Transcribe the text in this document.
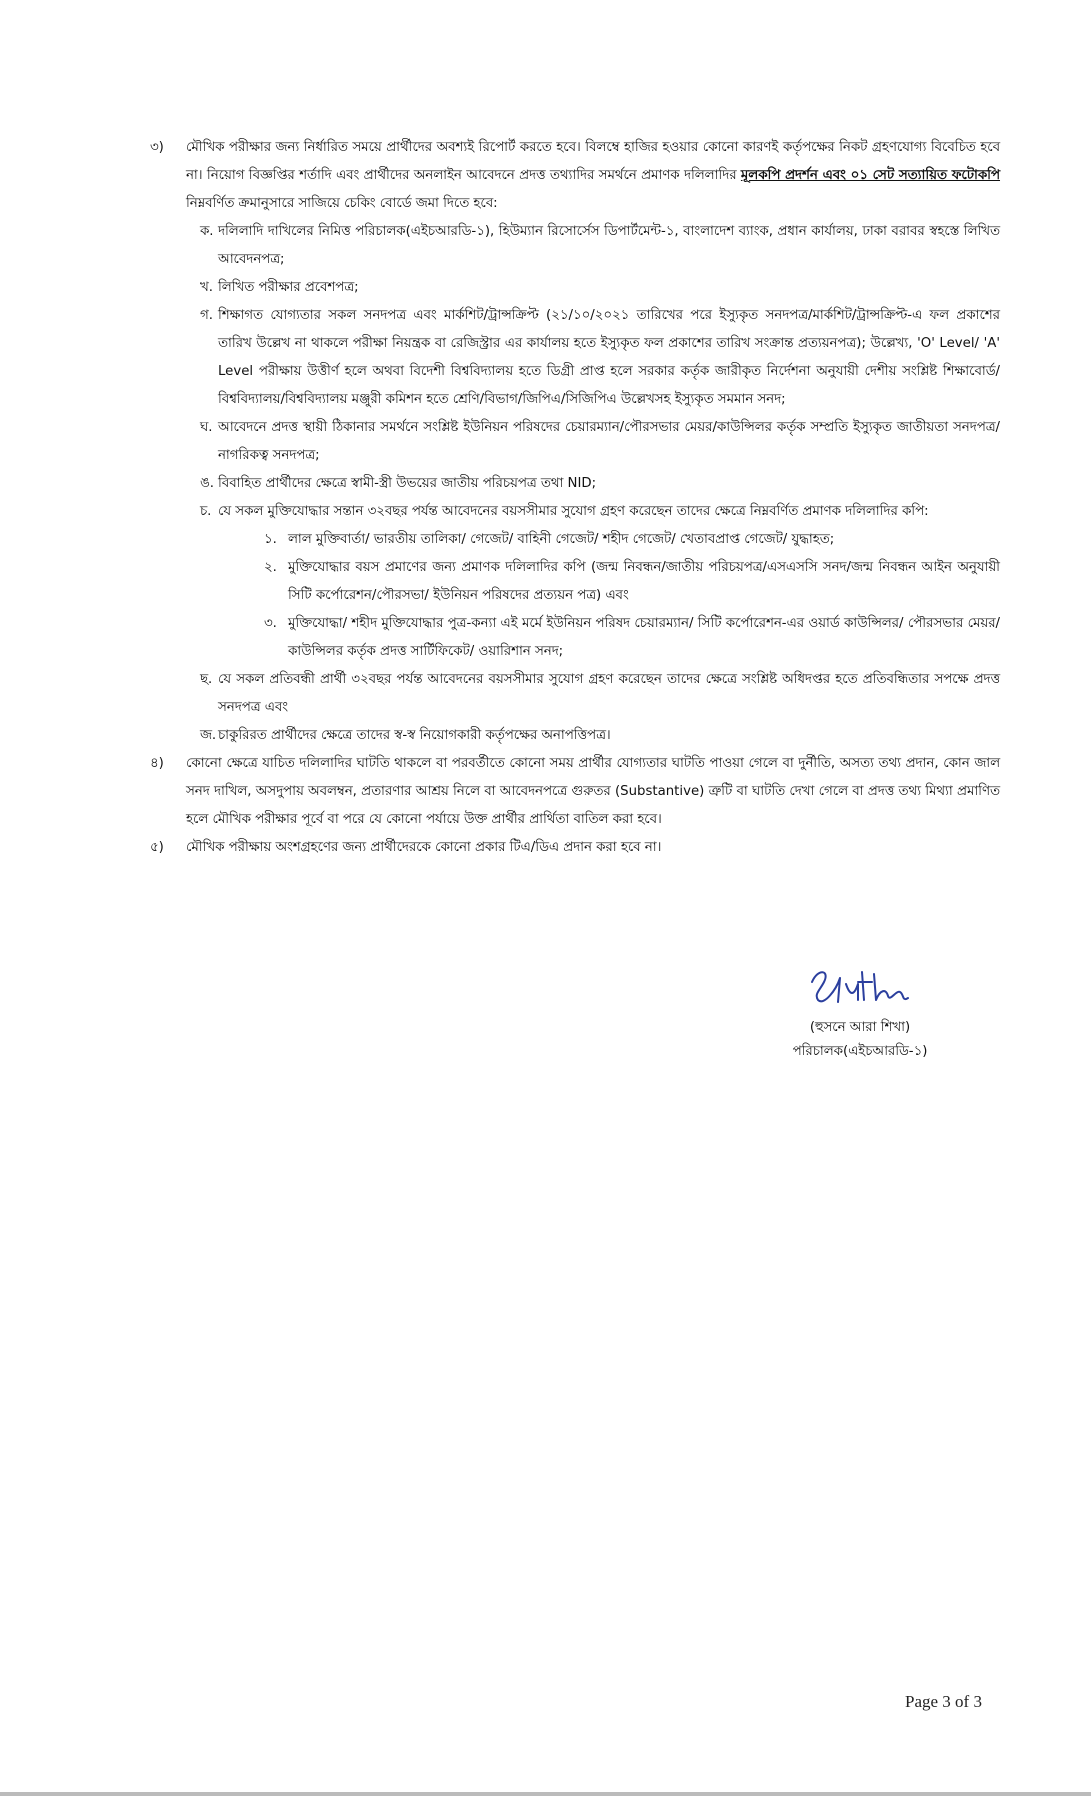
৩) মৌখিক পরীক্ষার জন্য নির্ধারিত সময়ে প্রার্থীদের অবশ্যই রিপোর্ট করতে হবে। বিলম্বে হাজির হওয়ার কোনো কারণই কর্তৃপক্ষের নিকট গ্রহণযোগ্য বিবেচিত হবে না। নিয়োগ বিজ্ঞপ্তির শর্তাদি এবং প্রার্থীদের অনলাইন আবেদনে প্রদত্ত তথ্যাদির সমর্থনে প্রমাণক দলিলাদির মূলকপি প্রদর্শন এবং ০১ সেট সত্যায়িত ফটোকপি নিম্নবর্ণিত ক্রমানুসারে সাজিয়ে চেকিং বোর্ডে জমা দিতে হবে:

ক. দলিলাদি দাখিলের নিমিত্ত পরিচালক(এইচআরডি-১), হিউম্যান রিসোর্সেস ডিপার্টমেন্ট-১, বাংলাদেশ ব্যাংক, প্রধান কার্যালয়, ঢাকা বরাবর স্বহস্তে লিখিত আবেদনপত্র;

খ. লিখিত পরীক্ষার প্রবেশপত্র;

গ. শিক্ষাগত যোগ্যতার সকল সনদপত্র এবং মার্কশিট/ট্রান্সক্রিপ্ট (২১/১০/২০২১ তারিখের পরে ইস্যুকৃত সনদপত্র/মার্কশিট/ট্রান্সক্রিপ্ট-এ ফল প্রকাশের তারিখ উল্লেখ না থাকলে পরীক্ষা নিয়ন্ত্রক বা রেজিস্ট্রার এর কার্যালয় হতে ইস্যুকৃত ফল প্রকাশের তারিখ সংক্রান্ত প্রত্যয়নপত্র); উল্লেখ্য, 'O' Level/ 'A' Level পরীক্ষায় উত্তীর্ণ হলে অথবা বিদেশী বিশ্ববিদ্যালয় হতে ডিগ্রী প্রাপ্ত হলে সরকার কর্তৃক জারীকৃত নির্দেশনা অনুযায়ী দেশীয় সংশ্লিষ্ট শিক্ষাবোর্ড/বিশ্ববিদ্যালয়/বিশ্ববিদ্যালয় মঞ্জুরী কমিশন হতে শ্রেণি/বিভাগ/জিপিএ/সিজিপিএ উল্লেখসহ ইস্যুকৃত সমমান সনদ;

ঘ. আবেদনে প্রদত্ত স্থায়ী ঠিকানার সমর্থনে সংশ্লিষ্ট ইউনিয়ন পরিষদের চেয়ারম্যান/পৌরসভার মেয়র/কাউন্সিলর কর্তৃক সম্প্রতি ইস্যুকৃত জাতীয়তা সনদপত্র/নাগরিকত্ব সনদপত্র;

ঙ. বিবাহিত প্রার্থীদের ক্ষেত্রে স্বামী-স্ত্রী উভয়ের জাতীয় পরিচয়পত্র তথা NID;

চ. যে সকল মুক্তিযোদ্ধার সন্তান ৩২বছর পর্যন্ত আবেদনের বয়সসীমার সুযোগ গ্রহণ করেছেন তাদের ক্ষেত্রে নিম্নবর্ণিত প্রমাণক দলিলাদির কপি:

১. লাল মুক্তিবার্তা/ ভারতীয় তালিকা/ গেজেট/ বাহিনী গেজেট/ শহীদ গেজেট/ খেতাবপ্রাপ্ত গেজেট/ যুদ্ধাহত;

২. মুক্তিযোদ্ধার বয়স প্রমাণের জন্য প্রমাণক দলিলাদির কপি (জন্ম নিবন্ধন/জাতীয় পরিচয়পত্র/এসএসসি সনদ/জন্ম নিবন্ধন আইন অনুযায়ী সিটি কর্পোরেশন/পৌরসভা/ ইউনিয়ন পরিষদের প্রত্যয়ন পত্র) এবং

৩. মুক্তিযোদ্ধা/ শহীদ মুক্তিযোদ্ধার পুত্র-কন্যা এই মর্মে ইউনিয়ন পরিষদ চেয়ারম্যান/ সিটি কর্পোরেশন-এর ওয়ার্ড কাউন্সিলর/ পৌরসভার মেয়র/ কাউন্সিলর কর্তৃক প্রদত্ত সার্টিফিকেট/ ওয়ারিশান সনদ;

ছ. যে সকল প্রতিবন্ধী প্রার্থী ৩২বছর পর্যন্ত আবেদনের বয়সসীমার সুযোগ গ্রহণ করেছেন তাদের ক্ষেত্রে সংশ্লিষ্ট অধিদপ্তর হতে প্রতিবন্ধিতার সপক্ষে প্রদত্ত সনদপত্র এবং

জ. চাকুরিরত প্রার্থীদের ক্ষেত্রে তাদের স্ব-স্ব নিয়োগকারী কর্তৃপক্ষের অনাপত্তিপত্র।

৪) কোনো ক্ষেত্রে যাচিত দলিলাদির ঘাটতি থাকলে বা পরবর্তীতে কোনো সময় প্রার্থীর যোগ্যতার ঘাটতি পাওয়া গেলে বা দুর্নীতি, অসত্য তথ্য প্রদান, কোন জাল সনদ দাখিল, অসদুপায় অবলম্বন, প্রতারণার আশ্রয় নিলে বা আবেদনপত্রে গুরুতর (Substantive) ত্রুটি বা ঘাটতি দেখা গেলে বা প্রদত্ত তথ্য মিথ্যা প্রমাণিত হলে মৌখিক পরীক্ষার পূর্বে বা পরে যে কোনো পর্যায়ে উক্ত প্রার্থীর প্রার্থিতা বাতিল করা হবে।

৫) মৌখিক পরীক্ষায় অংশগ্রহণের জন্য প্রার্থীদেরকে কোনো প্রকার টিএ/ডিএ প্রদান করা হবে না।

(হুসনে আরা শিখা)
পরিচালক(এইচআরডি-১)
Page 3 of 3
